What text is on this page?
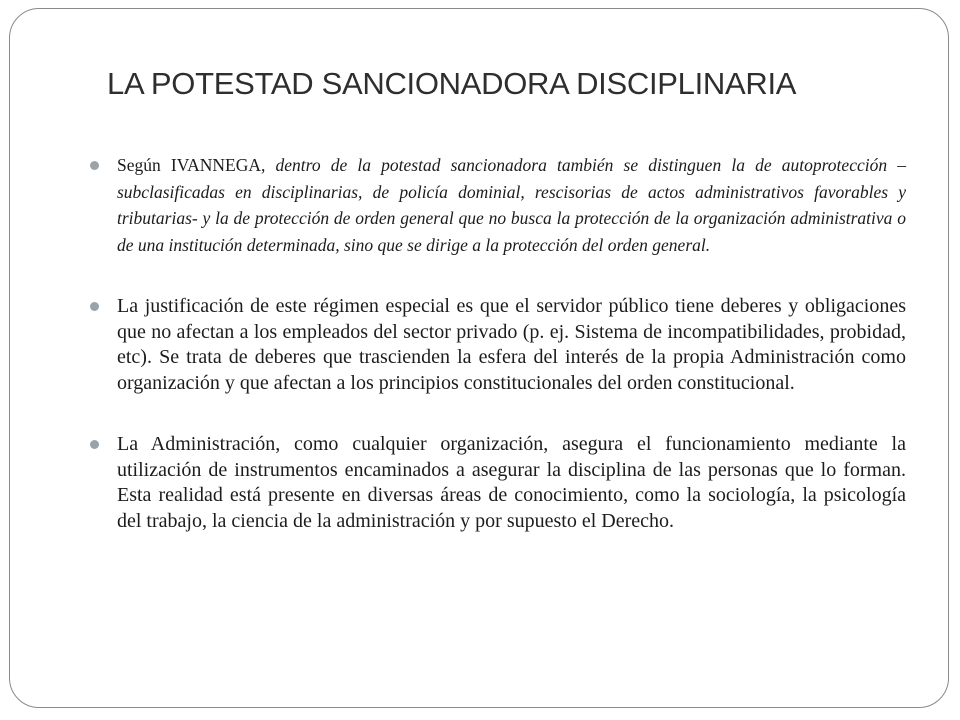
LA POTESTAD SANCIONADORA DISCIPLINARIA
Según IVANNEGA, dentro de la potestad sancionadora también se distinguen la de autoprotección –subclasificadas en disciplinarias, de policía dominial, rescisorias de actos administrativos favorables y tributarias- y la de protección de orden general que no busca la protección de la organización administrativa o de una institución determinada, sino que se dirige a la protección del orden general.
La justificación de este régimen especial es que el servidor público tiene deberes y obligaciones que no afectan a los empleados del sector privado (p. ej. Sistema de incompatibilidades, probidad, etc). Se trata de deberes que trascienden la esfera del interés de la propia Administración como organización y que afectan a los principios constitucionales del orden constitucional.
La Administración, como cualquier organización, asegura el funcionamiento mediante la utilización de instrumentos encaminados a asegurar la disciplina de las personas que lo forman. Esta realidad está presente en diversas áreas de conocimiento, como la sociología, la psicología del trabajo, la ciencia de la administración y por supuesto el Derecho.
